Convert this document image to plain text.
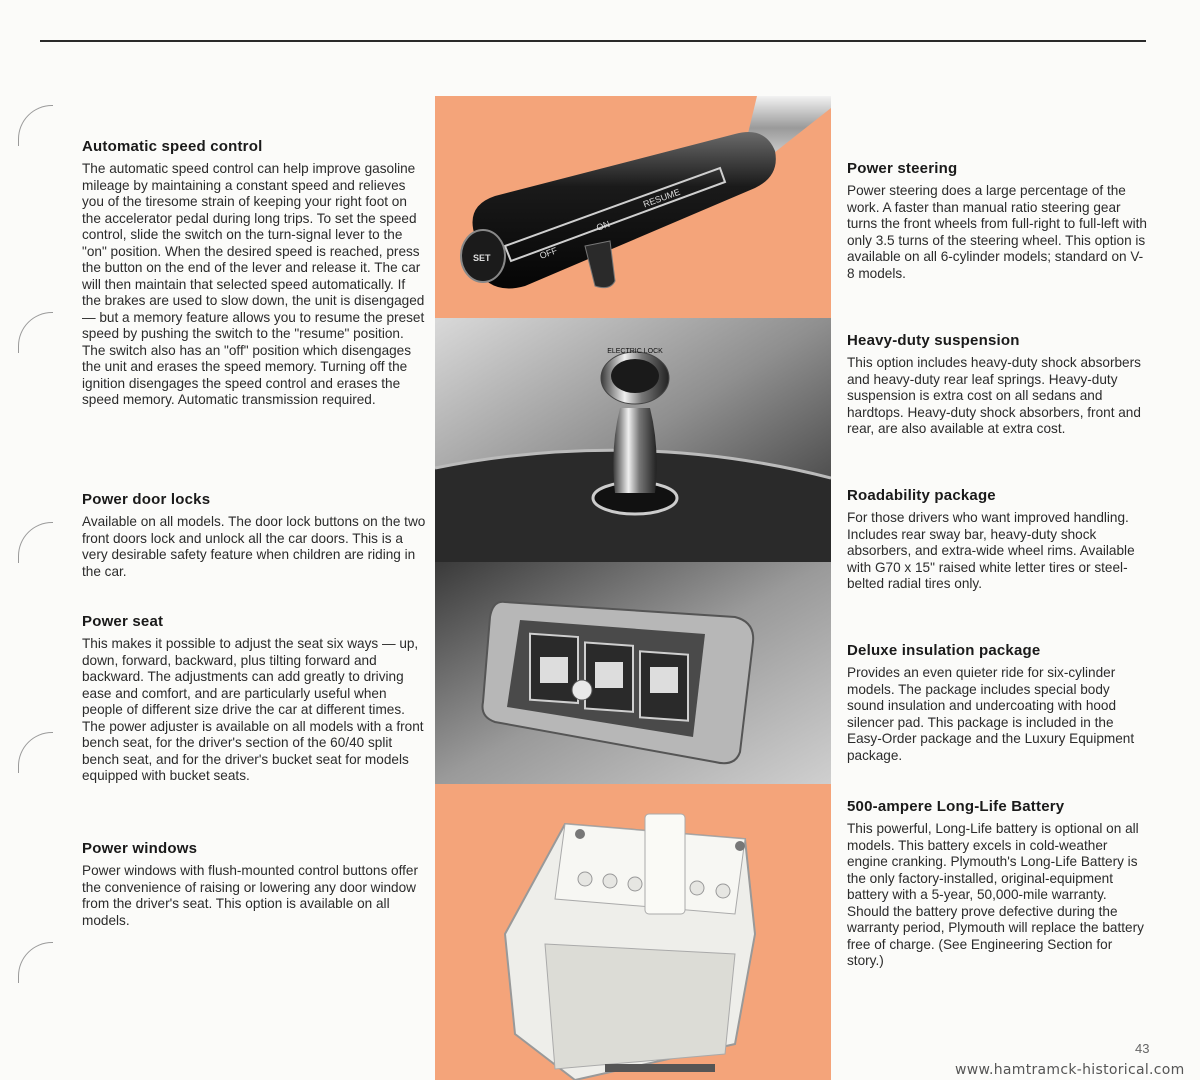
Automatic speed control

The automatic speed control can help improve gasoline mileage by maintaining a constant speed and relieves you of the tiresome strain of keeping your right foot on the accelerator pedal during long trips. To set the speed control, slide the switch on the turn-signal lever to the "on" position. When the desired speed is reached, press the button on the end of the lever and release it. The car will then maintain that selected speed automatically. If the brakes are used to slow down, the unit is disengaged — but a memory feature allows you to resume the preset speed by pushing the switch to the "resume" position. The switch also has an "off" position which disengages the unit and erases the speed memory. Turning off the ignition disengages the speed control and erases the speed memory. Automatic transmission required.

Power door locks

Available on all models. The door lock buttons on the two front doors lock and unlock all the car doors. This is a very desirable safety feature when children are riding in the car.

Power seat

This makes it possible to adjust the seat six ways — up, down, forward, backward, plus tilting forward and backward. The adjustments can add greatly to driving ease and comfort, and are particularly useful when people of different size drive the car at different times. The power adjuster is available on all models with a front bench seat, for the driver's section of the 60/40 split bench seat, and for the driver's bucket seat for models equipped with bucket seats.

Power windows

Power windows with flush-mounted control buttons offer the convenience of raising or lowering any door window from the driver's seat. This option is available on all models.

OFF
ON
RESUME
SET
ELECTRIC LOCK
Power steering

Power steering does a large percentage of the work. A faster than manual ratio steering gear turns the front wheels from full-right to full-left with only 3.5 turns of the steering wheel. This option is available on all 6-cylinder models; standard on V-8 models.

Heavy-duty suspension

This option includes heavy-duty shock absorbers and heavy-duty rear leaf springs. Heavy-duty suspension is extra cost on all sedans and hardtops. Heavy-duty shock absorbers, front and rear, are also available at extra cost.

Roadability package

For those drivers who want improved handling. Includes rear sway bar, heavy-duty shock absorbers, and extra-wide wheel rims. Available with G70 x 15" raised white letter tires or steel-belted radial tires only.

Deluxe insulation package

Provides an even quieter ride for six-cylinder models. The package includes special body sound insulation and undercoating with hood silencer pad. This package is included in the Easy-Order package and the Luxury Equipment package.

500-ampere Long-Life Battery

This powerful, Long-Life battery is optional on all models. This battery excels in cold-weather engine cranking. Plymouth's Long-Life Battery is the only factory-installed, original-equipment battery with a 5-year, 50,000-mile warranty. Should the battery prove defective during the warranty period, Plymouth will replace the battery free of charge. (See Engineering Section for story.)

43
www.hamtramck-historical.com
